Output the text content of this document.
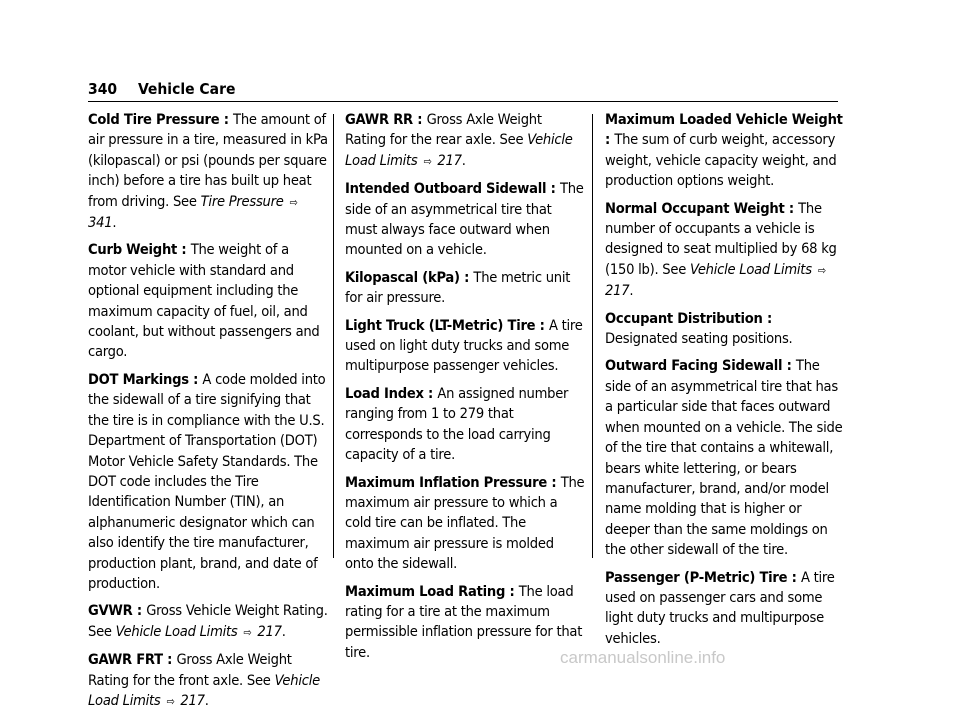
340 Vehicle Care

Cold Tire Pressure : The amount of air pressure in a tire, measured in kPa (kilopascal) or psi (pounds per square inch) before a tire has built up heat from driving. See Tire Pressure ⇨ 341.

Curb Weight : The weight of a motor vehicle with standard and optional equipment including the maximum capacity of fuel, oil, and coolant, but without passengers and cargo.

DOT Markings : A code molded into the sidewall of a tire signifying that the tire is in compliance with the U.S. Department of Transportation (DOT) Motor Vehicle Safety Standards. The DOT code includes the Tire Identification Number (TIN), an alphanumeric designator which can also identify the tire manufacturer, production plant, brand, and date of production.

GVWR : Gross Vehicle Weight Rating. See Vehicle Load Limits ⇨ 217.

GAWR FRT : Gross Axle Weight Rating for the front axle. See Vehicle Load Limits ⇨ 217.

GAWR RR : Gross Axle Weight Rating for the rear axle. See Vehicle Load Limits ⇨ 217.

Intended Outboard Sidewall : The side of an asymmetrical tire that must always face outward when mounted on a vehicle.

Kilopascal (kPa) : The metric unit for air pressure.

Light Truck (LT-Metric) Tire : A tire used on light duty trucks and some multipurpose passenger vehicles.

Load Index : An assigned number ranging from 1 to 279 that corresponds to the load carrying capacity of a tire.

Maximum Inflation Pressure : The maximum air pressure to which a cold tire can be inflated. The maximum air pressure is molded onto the sidewall.

Maximum Load Rating : The load rating for a tire at the maximum permissible inflation pressure for that tire.

Maximum Loaded Vehicle Weight : The sum of curb weight, accessory weight, vehicle capacity weight, and production options weight.

Normal Occupant Weight : The number of occupants a vehicle is designed to seat multiplied by 68 kg (150 lb). See Vehicle Load Limits ⇨ 217.

Occupant Distribution : Designated seating positions.

Outward Facing Sidewall : The side of an asymmetrical tire that has a particular side that faces outward when mounted on a vehicle. The side of the tire that contains a whitewall, bears white lettering, or bears manufacturer, brand, and/or model name molding that is higher or deeper than the same moldings on the other sidewall of the tire.

Passenger (P-Metric) Tire : A tire used on passenger cars and some light duty trucks and multipurpose vehicles.

carmanualsonline.info
